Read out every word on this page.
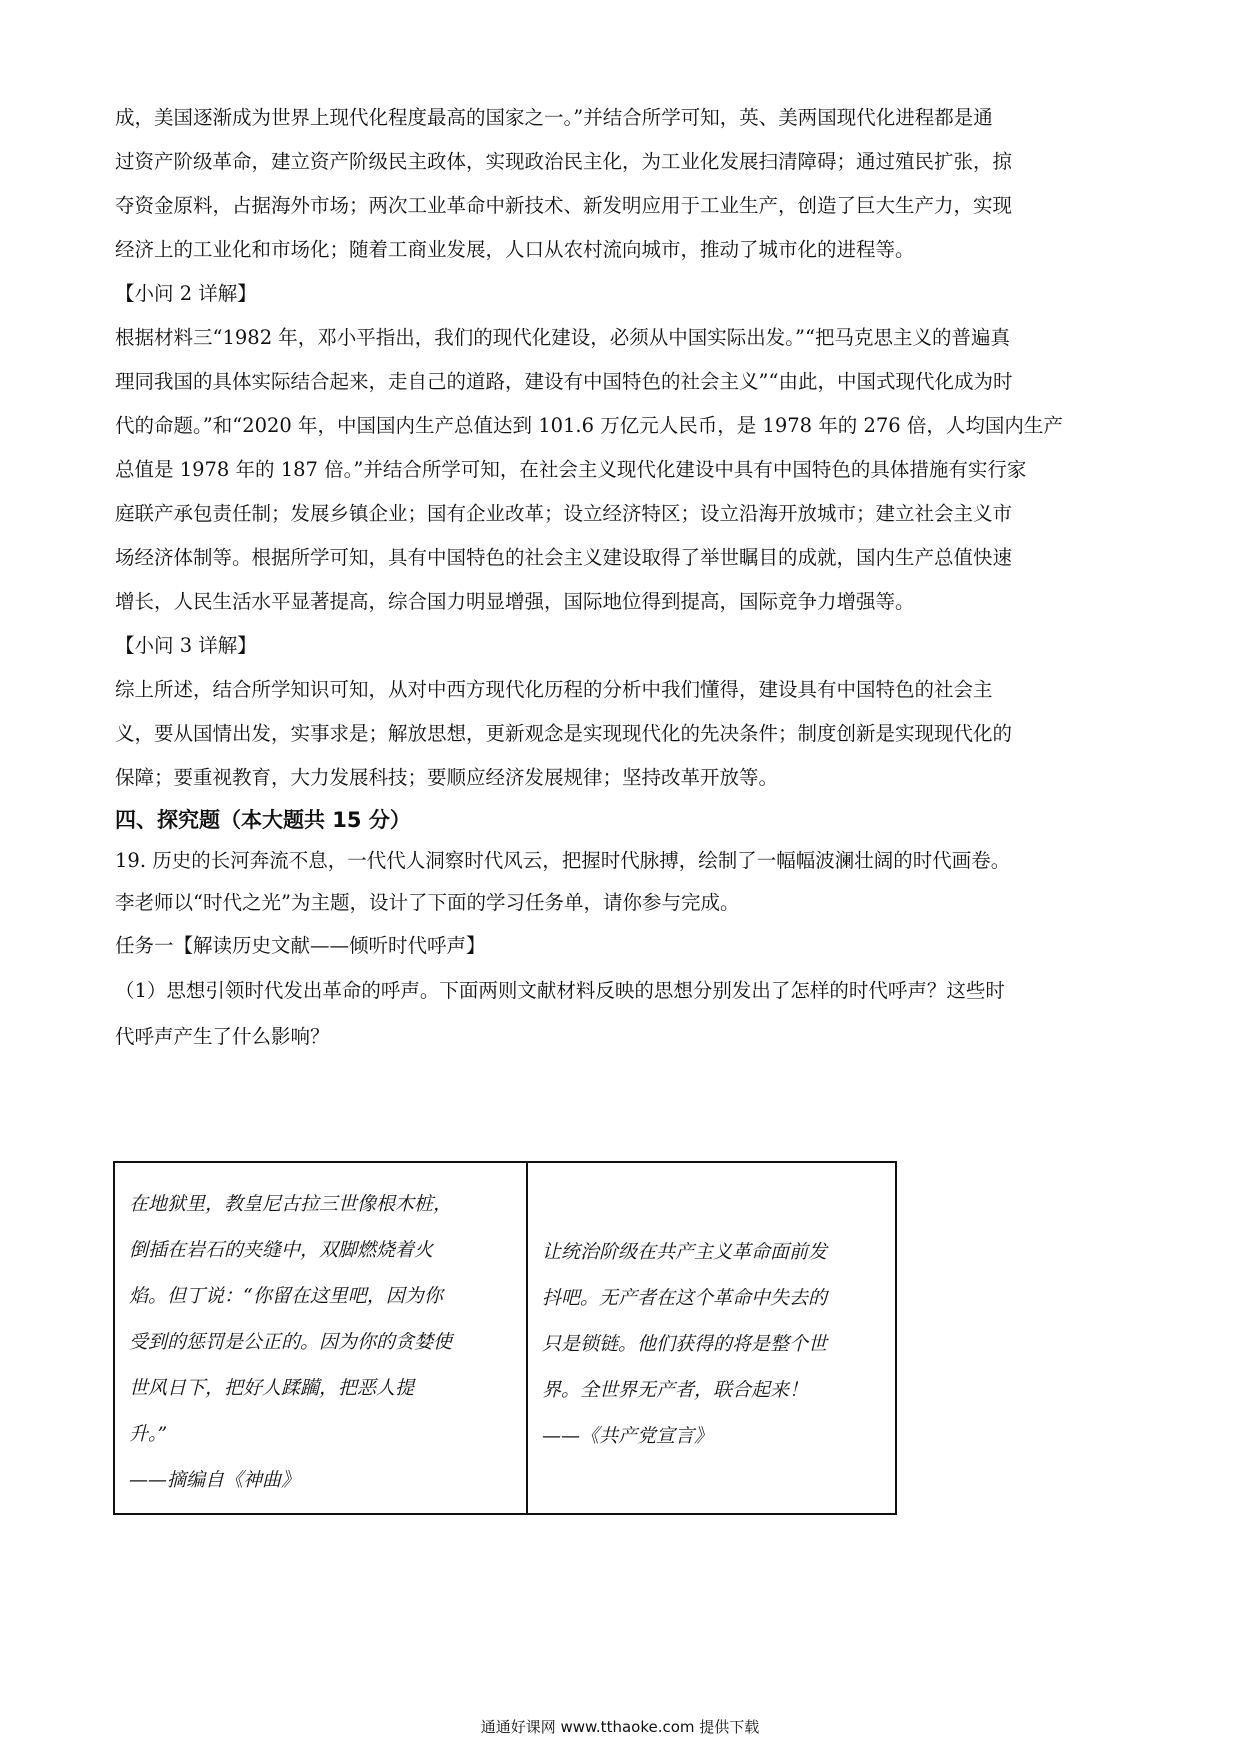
成，美国逐渐成为世界上现代化程度最高的国家之一。”并结合所学可知，英、美两国现代化进程都是通
过资产阶级革命，建立资产阶级民主政体，实现政治民主化，为工业化发展扫清障碍；通过殖民扩张，掠
夺资金原料，占据海外市场；两次工业革命中新技术、新发明应用于工业生产，创造了巨大生产力，实现
经济上的工业化和市场化；随着工商业发展，人口从农村流向城市，推动了城市化的进程等。
【小问 2 详解】
根据材料三“1982 年，邓小平指出，我们的现代化建设，必须从中国实际出发。”“把马克思主义的普遍真
理同我国的具体实际结合起来，走自己的道路，建设有中国特色的社会主义”“由此，中国式现代化成为时
代的命题。”和“2020 年，中国国内生产总值达到 101.6 万亿元人民币，是 1978 年的 276 倍，人均国内生产
总值是 1978 年的 187 倍。”并结合所学可知，在社会主义现代化建设中具有中国特色的具体措施有实行家
庭联产承包责任制；发展乡镇企业；国有企业改革；设立经济特区；设立沿海开放城市；建立社会主义市
场经济体制等。根据所学可知，具有中国特色的社会主义建设取得了举世瞩目的成就，国内生产总值快速
增长，人民生活水平显著提高，综合国力明显增强，国际地位得到提高，国际竞争力增强等。
【小问 3 详解】
综上所述，结合所学知识可知，从对中西方现代化历程的分析中我们懂得，建设具有中国特色的社会主
义，要从国情出发，实事求是；解放思想，更新观念是实现现代化的先决条件；制度创新是实现现代化的
保障；要重视教育，大力发展科技；要顺应经济发展规律；坚持改革开放等。
四、探究题（本大题共 15 分）
19. 历史的长河奔流不息，一代代人洞察时代风云，把握时代脉搏，绘制了一幅幅波澜壮阔的时代画卷。
李老师以“时代之光”为主题，设计了下面的学习任务单，请你参与完成。
任务一【解读历史文献——倾听时代呼声】
（1）思想引领时代发出革命的呼声。下面两则文献材料反映的思想分别发出了怎样的时代呼声？这些时
代呼声产生了什么影响？
在地狱里，教皇尼古拉三世像根木桩，
倒插在岩石的夹缝中，双脚燃烧着火
焰。但丁说：“你留在这里吧，因为你
受到的惩罚是公正的。因为你的贪婪使
世风日下，把好人蹂躏，把恶人提
升。”
——摘编自《神曲》
让统治阶级在共产主义革命面前发
抖吧。无产者在这个革命中失去的
只是锁链。他们获得的将是整个世
界。全世界无产者，联合起来！
——《共产党宣言》
通通好课网 www.tthaoke.com 提供下载
